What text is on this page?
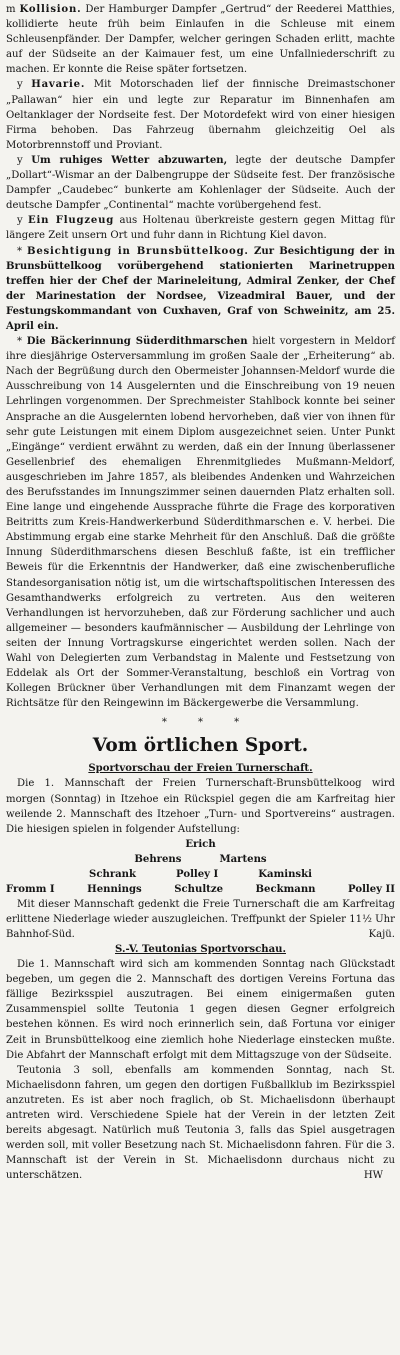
m Kollision. Der Hamburger Dampfer „Gertrud“ der Reederei Matthies, kollidierte heute früh beim Einlaufen in die Schleuse mit einem Schleusenpfänder. Der Dampfer, welcher geringen Schaden erlitt, machte auf der Südseite an der Kaimauer fest, um eine Unfallniederschrift zu machen. Er konnte die Reise später fortsetzen.

y Havarie. Mit Motorschaden lief der finnische Dreimastschoner „Pallawan“ hier ein und legte zur Reparatur im Binnenhafen am Oeltanklager der Nordseite fest. Der Motordefekt wird von einer hiesigen Firma behoben. Das Fahrzeug übernahm gleichzeitig Oel als Motorbrennstoff und Proviant.

y Um ruhiges Wetter abzuwarten, legte der deutsche Dampfer „Dollart“-Wismar an der Dalbengruppe der Südseite fest. Der französische Dampfer „Caudebec“ bunkerte am Kohlenlager der Südseite. Auch der deutsche Dampfer „Continental“ machte vorübergehend fest.

y Ein Flugzeug aus Holtenau überkreiste gestern gegen Mittag für längere Zeit unsern Ort und fuhr dann in Richtung Kiel davon.

* Besichtigung in Brunsbüttelkoog. Zur Besichtigung der in Brunsbüttelkoog vorübergehend stationierten Marinetruppen treffen hier der Chef der Marineleitung, Admiral Zenker, der Chef der Marinestation der Nordsee, Vizeadmiral Bauer, und der Festungskommandant von Cuxhaven, Graf von Schweinitz, am 25. April ein.

* Die Bäckerinnung Süderdithmarschen hielt vorgestern in Meldorf ihre diesjährige Osterversammlung im großen Saale der „Erheiterung“ ab. Nach der Begrüßung durch den Obermeister Johannsen-Meldorf wurde die Ausschreibung von 14 Ausgelernten und die Einschreibung von 19 neuen Lehrlingen vorgenommen. Der Sprechmeister Stahlbock konnte bei seiner Ansprache an die Ausgelernten lobend hervorheben, daß vier von ihnen für sehr gute Leistungen mit einem Diplom ausgezeichnet seien. Unter Punkt „Eingänge“ verdient erwähnt zu werden, daß ein der Innung überlassener Gesellenbrief des ehemaligen Ehrenmitgliedes Mußmann-Meldorf, ausgeschrieben im Jahre 1857, als bleibendes Andenken und Wahrzeichen des Berufsstandes im Innungszimmer seinen dauernden Platz erhalten soll. Eine lange und eingehende Aussprache führte die Frage des korporativen Beitritts zum Kreis-Handwerkerbund Süderdithmarschen e. V. herbei. Die Abstimmung ergab eine starke Mehrheit für den Anschluß. Daß die größte Innung Süderdithmarschens diesen Beschluß faßte, ist ein trefflicher Beweis für die Erkenntnis der Handwerker, daß eine zwischenberufliche Standesorganisation nötig ist, um die wirtschaftspolitischen Interessen des Gesamthandwerks erfolgreich zu vertreten. Aus den weiteren Verhandlungen ist hervorzuheben, daß zur Förderung sachlicher und auch allgemeiner — besonders kaufmännischer — Ausbildung der Lehrlinge von seiten der Innung Vortragskurse eingerichtet werden sollen. Nach der Wahl von Delegierten zum Verbandstag in Malente und Festsetzung von Eddelak als Ort der Sommer-Veranstaltung, beschloß ein Vortrag von Kollegen Brückner über Verhandlungen mit dem Finanzamt wegen der Richtsätze für den Reingewinn im Bäckergewerbe die Versammlung.

* * *
Vom örtlichen Sport.
Sportvorschau der Freien Turnerschaft.

Die 1. Mannschaft der Freien Turnerschaft-Brunsbüttelkoog wird morgen (Sonntag) in Itzehoe ein Rückspiel gegen die am Karfreitag hier weilende 2. Mannschaft des Itzehoer „Turn- und Sportvereins“ austragen. Die hiesigen spielen in folgender Aufstellung:

Erich
Behrens	Martens
Schrank	Polley I	Kaminski
Fromm I	Hennings	Schultze	Beckmann	Polley II

Mit dieser Mannschaft gedenkt die Freie Turnerschaft die am Karfreitag erlittene Niederlage wieder auszugleichen. Treffpunkt der Spieler 11½ Uhr Bahnhof-Süd.	Kajü.

S.-V. Teutonias Sportvorschau.

Die 1. Mannschaft wird sich am kommenden Sonntag nach Glückstadt begeben, um gegen die 2. Mannschaft des dortigen Vereins Fortuna das fällige Bezirksspiel auszutragen. Bei einem einigermaßen guten Zusammenspiel sollte Teutonia 1 gegen diesen Gegner erfolgreich bestehen können. Es wird noch erinnerlich sein, daß Fortuna vor einiger Zeit in Brunsbüttelkoog eine ziemlich hohe Niederlage einstecken mußte. Die Abfahrt der Mannschaft erfolgt mit dem Mittagszuge von der Südseite.

Teutonia 3 soll, ebenfalls am kommenden Sonntag, nach St. Michaelisdonn fahren, um gegen den dortigen Fußballklub im Bezirksspiel anzutreten. Es ist aber noch fraglich, ob St. Michaelisdonn überhaupt antreten wird. Verschiedene Spiele hat der Verein in der letzten Zeit bereits abgesagt. Natürlich muß Teutonia 3, falls das Spiel ausgetragen werden soll, mit voller Besetzung nach St. Michaelisdonn fahren. Für die 3. Mannschaft ist der Verein in St. Michaelisdonn durchaus nicht zu unterschätzen.	HW
